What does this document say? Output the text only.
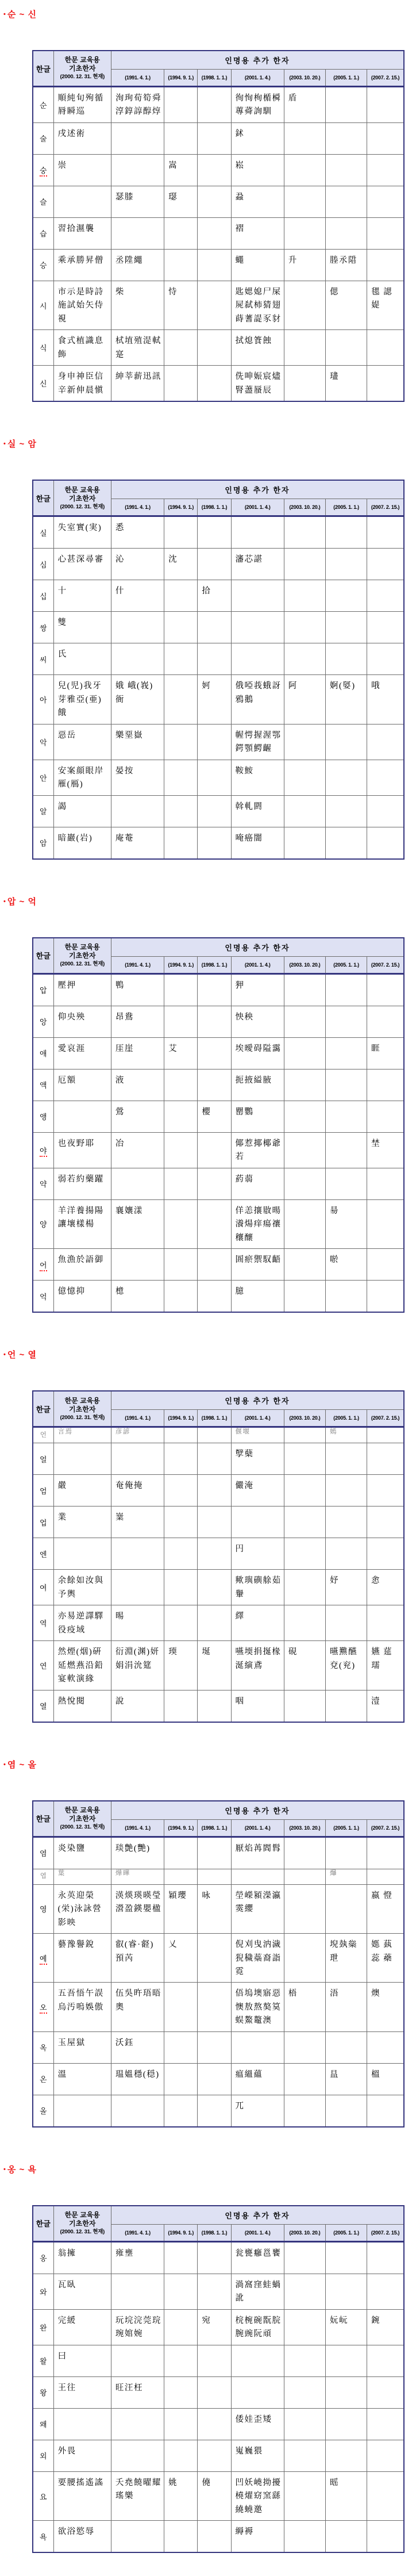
• 순 ~ 신
한글	한문 교육용
기초한자
(2000. 12. 31. 현재)	인명용 추가 한자						
		(1991. 4. 1.)	(1994. 9. 1.)	(1998. 1. 1.)	(2001. 1. 4.)	(2003. 10. 20.)	(2005. 1. 1.)	(2007. 2. 15.)
순	順純旬殉循脣瞬巡	洵珣荀筍舜淳錞諄醇焞			徇恂栒楯橓蓴蕣詢馴	盾		
술	戌述術				鉥			
숭	崇		嵩		崧			
슬		瑟膝	璱		蝨			
습	習拾濕襲				褶			
승	乘承勝昇僧	丞陞繩			蠅	升	塍氶陹	
시	市示是時詩施試始矢侍視	柴	恃		匙媤媳尸屎屍弑柿猜翅蒔蓍諟豕豺		偲	毸 諰 媞
식	食式植識息飾	栻埴殖湜軾寔			拭熄篒蝕			
신	身申神臣信辛新伸晨愼	紳莘薪迅訊			侁呻娠宸燼腎藎蜃辰		璶	
• 실 ~ 암
한글	한문 교육용
기초한자
(2000. 12. 31. 현재)	인명용 추가 한자						
		(1991. 4. 1.)	(1994. 9. 1.)	(1998. 1. 1.)	(2001. 1. 4.)	(2003. 10. 20.)	(2005. 1. 1.)	(2007. 2. 15.)
실	失室實(実)	悉						
심	心甚深尋審	沁	沈		瀋芯諶			
십	十	什		拾				
쌍	雙							
씨	氏							
아	兒(児)我牙芽雅亞(亜)餓	娥 峨(峩) 衙		妸	俄啞莪蛾訝鴉鵝	阿	婀(娿)	哦
악	惡岳	樂堊嶽			幄愕握渥鄂鍔顎鰐齷			
안	安案顔眼岸雁(鴈)	晏按			鞍鮟			
알	謁				斡軋閼			
암	暗巖(岩)	庵菴			唵癌闇			
• 압 ~ 억
한글	한문 교육용
기초한자
(2000. 12. 31. 현재)	인명용 추가 한자						
		(1991. 4. 1.)	(1994. 9. 1.)	(1998. 1. 1.)	(2001. 1. 4.)	(2003. 10. 20.)	(2005. 1. 1.)	(2007. 2. 15.)
압	壓押	鴨			狎			
앙	仰央殃	昂鴦			怏秧			
애	愛哀涯	厓崖	艾		埃曖碍隘靄			睚
액	厄額	液			扼掖縊腋			
앵		鶯		櫻	罌鸚			
야	也夜野耶	冶			倻惹揶椰爺若			埜
약	弱若約藥躍				葯蒻			
양	羊洋養揚陽讓壤樣楊	襄孃漾			佯恙攘敭暘瀁煬痒瘍禳穰釀		昜	
어	魚漁於語御				圄瘀禦馭齬		唹	
억	億憶抑	檍			臆			
• 언 ~ 열
한글	한문 교육용
기초한자
(2000. 12. 31. 현재)	인명용 추가 한자						
		(1991. 4. 1.)	(1994. 9. 1.)	(1998. 1. 1.)	(2001. 1. 4.)	(2003. 10. 20.)	(2005. 1. 1.)	(2007. 2. 15.)
언	言焉	彦諺			偃堰		嫣	
얼					孼蘖			
엄	嚴	奄俺掩			儼淹			
업	業	嶪						
엔					円			
여	余餘如汝與予輿				歟璵礖艅茹轝		妤	悆
역	亦易逆譯驛役疫域	晹			繹			
연	然煙(烟)硏延燃燕沿鉛宴軟演緣	衍淵(渊)妍娟涓沇筵	瑌	埏	嚥堧捐挻椽涎縯鳶	硯	曣㸐醼 兗(兖)	嬿 莚 瓀
열	熱悅閱	說			咽			潱
• 염 ~ 올
한글	한문 교육용
기초한자
(2000. 12. 31. 현재)	인명용 추가 한자						
		(1991. 4. 1.)	(1994. 9. 1.)	(1998. 1. 1.)	(2001. 1. 4.)	(2003. 10. 20.)	(2005. 1. 1.)	(2007. 2. 15.)
염	炎染鹽	琰艶(艷)			厭焰苒閻髥			
엽	葉	燁曄					爗	
영	永英迎榮(栄)泳詠營影映	渶煐瑛暎瑩瀯盈鍈嬰楹	穎瓔	咏	塋嶸潁濚瀛霙纓			嬴 憕
예	藝豫譽銳	叡(睿·壡)預芮	乂		倪刈曳汭濊猊穢蘂裔詣霓		堄埶橤玴	嫕 蓺 蕊 蘃
오	五吾悟午誤烏汚嗚娛傲	伍吳旿珸晤奧			俉塢墺寤惡懊敖熬獒筽蜈鰲鼇澳	梧	浯	燠
옥	玉屋獄	沃鈺						
온	溫	瑥媼穩(穏)			瘟縕蘊		昷	榲
올					兀			
• 옹 ~ 욕
한글	한문 교육용
기초한자
(2000. 12. 31. 현재)	인명용 추가 한자						
		(1991. 4. 1.)	(1994. 9. 1.)	(1998. 1. 1.)	(2001. 1. 4.)	(2003. 10. 20.)	(2005. 1. 1.)	(2007. 2. 15.)
옹	翁擁	雍壅			瓮甕癰邕饔			
와	瓦臥				渦窩窪蛙蝸訛			
완	完緩	玩垸浣莞琓琬婠婉		宛	梡椀碗翫脘腕豌阮頑		妧岏	鋺
왈	曰							
왕	王往	旺汪枉						
왜					倭娃歪矮			
외	外畏				嵬巍猥			
요	要腰搖遙謠	夭堯饒曜耀瑤樂	姚	僥	凹妖嶢拗擾橈燿窈窯繇繞蟯邀		暚	
욕	欲浴慾辱				縟褥			
